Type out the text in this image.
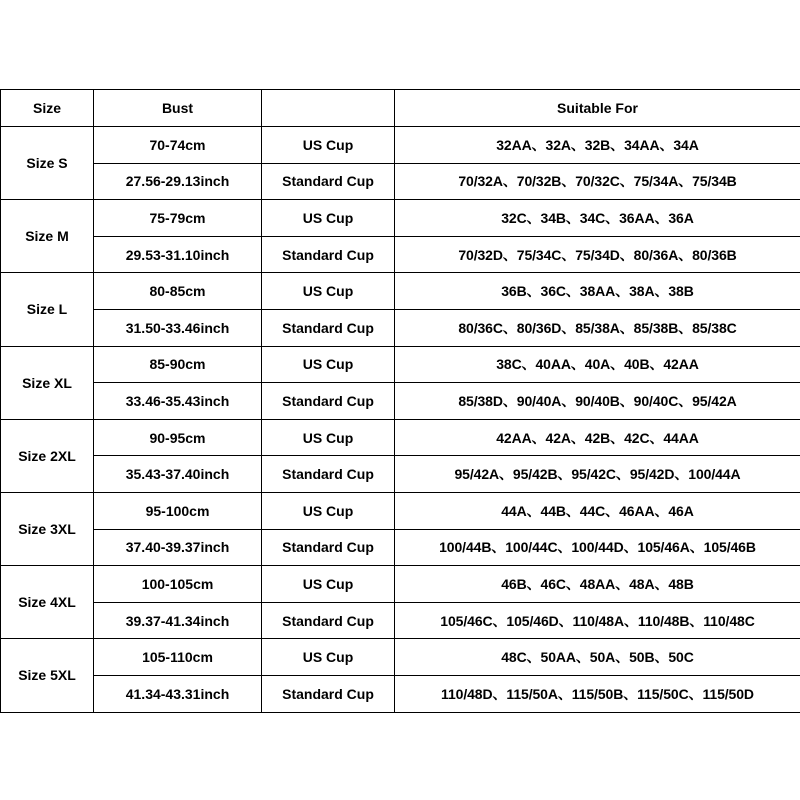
Size	Bust		Suitable For
Size S	70-74cm	US Cup	32AA、32A、32B、34AA、34A
	27.56-29.13inch	Standard Cup	70/32A、70/32B、70/32C、75/34A、75/34B
Size M	75-79cm	US Cup	32C、34B、34C、36AA、36A
	29.53-31.10inch	Standard Cup	70/32D、75/34C、75/34D、80/36A、80/36B
Size L	80-85cm	US Cup	36B、36C、38AA、38A、38B
	31.50-33.46inch	Standard Cup	80/36C、80/36D、85/38A、85/38B、85/38C
Size XL	85-90cm	US Cup	38C、40AA、40A、40B、42AA
	33.46-35.43inch	Standard Cup	85/38D、90/40A、90/40B、90/40C、95/42A
Size 2XL	90-95cm	US Cup	42AA、42A、42B、42C、44AA
	35.43-37.40inch	Standard Cup	95/42A、95/42B、95/42C、95/42D、100/44A
Size 3XL	95-100cm	US Cup	44A、44B、44C、46AA、46A
	37.40-39.37inch	Standard Cup	100/44B、100/44C、100/44D、105/46A、105/46B
Size 4XL	100-105cm	US Cup	46B、46C、48AA、48A、48B
	39.37-41.34inch	Standard Cup	105/46C、105/46D、110/48A、110/48B、110/48C
Size 5XL	105-110cm	US Cup	48C、50AA、50A、50B、50C
	41.34-43.31inch	Standard Cup	110/48D、115/50A、115/50B、115/50C、115/50D
